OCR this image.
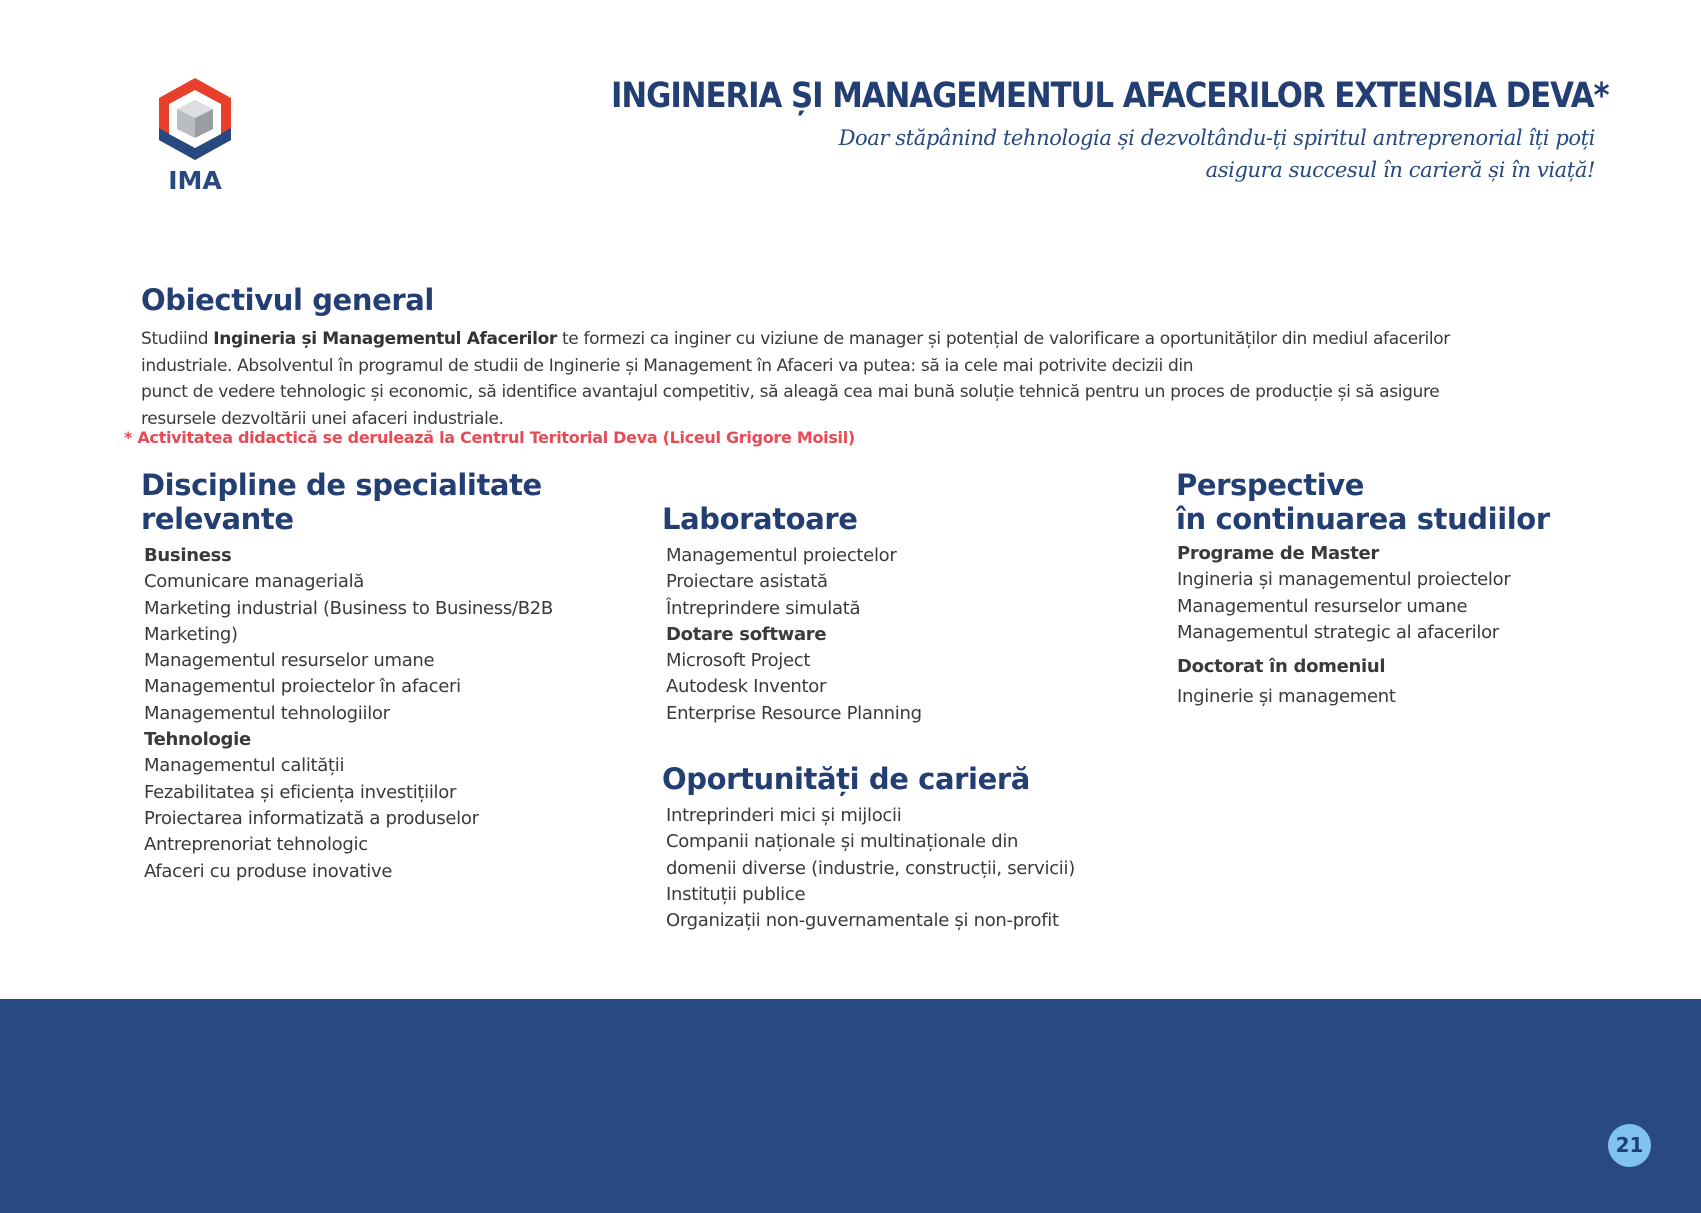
IMA
INGINERIA ȘI MANAGEMENTUL AFACERILOR EXTENSIA DEVA*
Doar stăpânind tehnologia și dezvoltându-ți spiritul antreprenorial îți poți
asigura succesul în carieră și în viață!
Obiectivul general
Studiind Ingineria și Managementul Afacerilor te formezi ca inginer cu viziune de manager și potențial de valorificare a oportunităților din mediul afacerilor
industriale. Absolventul în programul de studii de Inginerie și Management în Afaceri va putea: să ia cele mai potrivite decizii din
punct de vedere tehnologic și economic, să identifice avantajul competitiv, să aleagă cea mai bună soluție tehnică pentru un proces de producție și să asigure
resursele dezvoltării unei afaceri industriale.
* Activitatea didactică se derulează la Centrul Teritorial Deva (Liceul Grigore Moisil)
Discipline de specialitate
relevante
Business
Comunicare managerială
Marketing industrial (Business to Business/B2B
Marketing)
Managementul resurselor umane
Managementul proiectelor în afaceri
Managementul tehnologiilor
Tehnologie
Managementul calității
Fezabilitatea și eficiența investițiilor
Proiectarea informatizată a produselor
Antreprenoriat tehnologic
Afaceri cu produse inovative
Laboratoare
Managementul proiectelor
Proiectare asistată
Întreprindere simulată
Dotare software
Microsoft Project
Autodesk Inventor
Enterprise Resource Planning
Oportunități de carieră
Intreprinderi mici și mijlocii
Companii naționale și multinaționale din
domenii diverse (industrie, construcții, servicii)
Instituții publice
Organizații non-guvernamentale și non-profit
Perspective
în continuarea studiilor
Programe de Master
Ingineria și managementul proiectelor
Managementul resurselor umane
Managementul strategic al afacerilor
Doctorat în domeniul
Inginerie și management
21
